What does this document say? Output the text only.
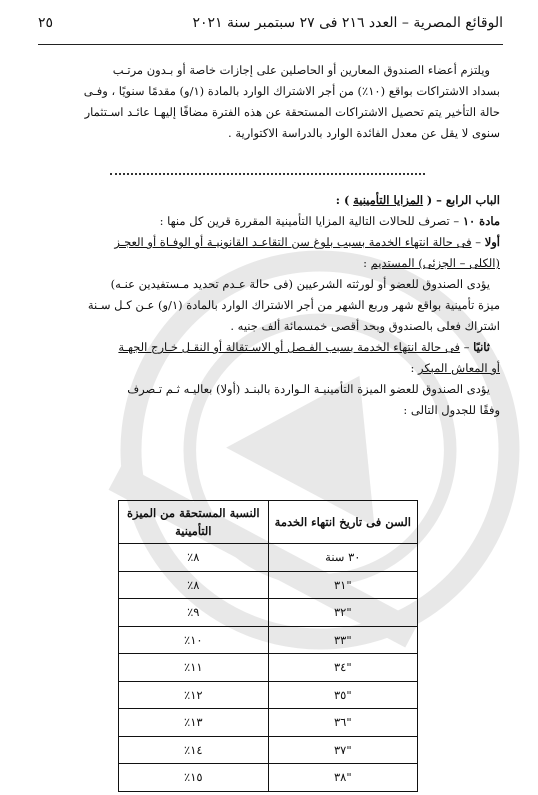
الوقائع المصرية – العدد ٢١٦ فى ٢٧ سبتمبر سنة ٢٠٢١
٢٥
ويلتزم أعضاء الصندوق المعارين أو الحاصلين على إجازات خاصة أو بـدون مرتـب
بسداد الاشتراكات بواقع (١٠٪) من أجر الاشتراك الوارد بالمادة (١/و) مقدمًا سنويًا ، وفـى
حالة التأخير يتم تحصيل الاشتراكات المستحقة عن هذه الفترة مضافًا إليهـا عائـد اسـتثمار
سنوى لا يقل عن معدل الفائدة الوارد بالدراسة الاكتوارية .
الباب الرابع – ( المزايا التأمينية ) :
مادة ١٠ – تصرف للحالات التالية المزايا التأمينية المقررة قرين كل منها :
أولا – فى حالة انتهاء الخدمة بسبب بلوغ سن التقاعـد القانونيـة أو الوفـاة أو العجـز
(الكلى – الجزئى) المستديم :
يؤدى الصندوق للعضو أو لورثته الشرعيين (فى حالة عـدم تحديد مـستفيدين عنـه)
ميزة تأمينية بواقع شهر وربع الشهر من أجر الاشتراك الوارد بالمادة (١/و) عـن كـل سـنة
اشتراك فعلى بالصندوق وبحد أقصى خمسمائة ألف جنيه .
ثانيًا – فى حالة انتهاء الخدمة بسبب الفـصل أو الاسـتقالة أو النقـل خـارج الجهـة
أو المعاش المبكر :
يؤدى الصندوق للعضو الميزة التأمينيـة الـواردة بالبنـد (أولا) بعاليـه ثـم تـصرف
وفقًا للجدول التالى :
السن فى تاريخ انتهاء الخدمة	النسبة المستحقة من الميزة التأمينية
٣٠ سنة	٨٪
"٣١	٨٪
"٣٢	٩٪
"٣٣	١٠٪
"٣٤	١١٪
"٣٥	١٢٪
"٣٦	١٣٪
"٣٧	١٤٪
"٣٨	١٥٪
